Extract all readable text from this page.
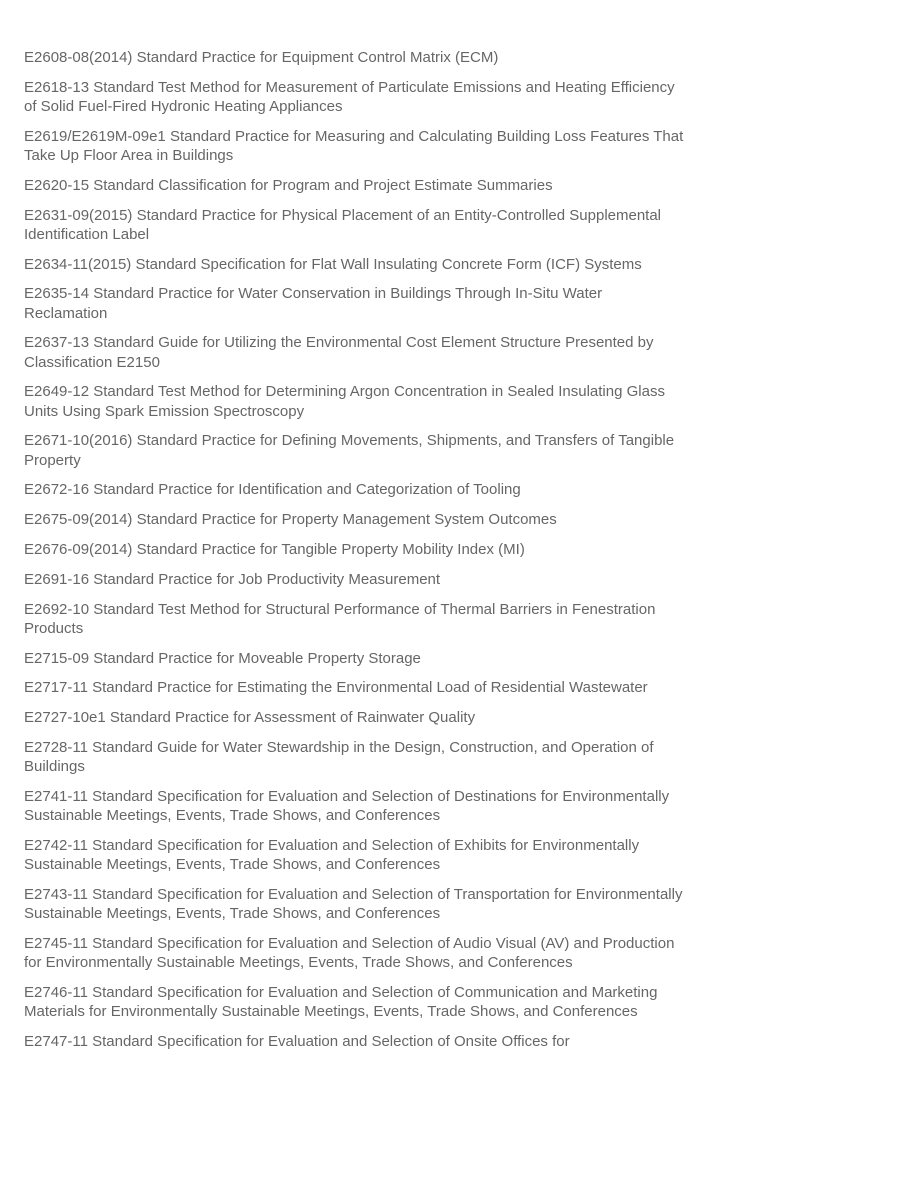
E2608-08(2014) Standard Practice for Equipment Control Matrix (ECM)
E2618-13 Standard Test Method for Measurement of Particulate Emissions and Heating Efficiency of Solid Fuel-Fired Hydronic Heating Appliances
E2619/E2619M-09e1 Standard Practice for Measuring and Calculating Building Loss Features That Take Up Floor Area in Buildings
E2620-15 Standard Classification for Program and Project Estimate Summaries
E2631-09(2015) Standard Practice for Physical Placement of an Entity-Controlled Supplemental Identification Label
E2634-11(2015) Standard Specification for Flat Wall Insulating Concrete Form (ICF) Systems
E2635-14 Standard Practice for Water Conservation in Buildings Through In-Situ Water Reclamation
E2637-13 Standard Guide for Utilizing the Environmental Cost Element Structure Presented by Classification E2150
E2649-12 Standard Test Method for Determining Argon Concentration in Sealed Insulating Glass Units Using Spark Emission Spectroscopy
E2671-10(2016) Standard Practice for Defining Movements, Shipments, and Transfers of Tangible Property
E2672-16 Standard Practice for Identification and Categorization of Tooling
E2675-09(2014) Standard Practice for Property Management System Outcomes
E2676-09(2014) Standard Practice for Tangible Property Mobility Index (MI)
E2691-16 Standard Practice for Job Productivity Measurement
E2692-10 Standard Test Method for Structural Performance of Thermal Barriers in Fenestration Products
E2715-09 Standard Practice for Moveable Property Storage
E2717-11 Standard Practice for Estimating the Environmental Load of Residential Wastewater
E2727-10e1 Standard Practice for Assessment of Rainwater Quality
E2728-11 Standard Guide for Water Stewardship in the Design, Construction, and Operation of Buildings
E2741-11 Standard Specification for Evaluation and Selection of Destinations for Environmentally Sustainable Meetings, Events, Trade Shows, and Conferences
E2742-11 Standard Specification for Evaluation and Selection of Exhibits for Environmentally Sustainable Meetings, Events, Trade Shows, and Conferences
E2743-11 Standard Specification for Evaluation and Selection of Transportation for Environmentally Sustainable Meetings, Events, Trade Shows, and Conferences
E2745-11 Standard Specification for Evaluation and Selection of Audio Visual (AV) and Production for Environmentally Sustainable Meetings, Events, Trade Shows, and Conferences
E2746-11 Standard Specification for Evaluation and Selection of Communication and Marketing Materials for Environmentally Sustainable Meetings, Events, Trade Shows, and Conferences
E2747-11 Standard Specification for Evaluation and Selection of Onsite Offices for
